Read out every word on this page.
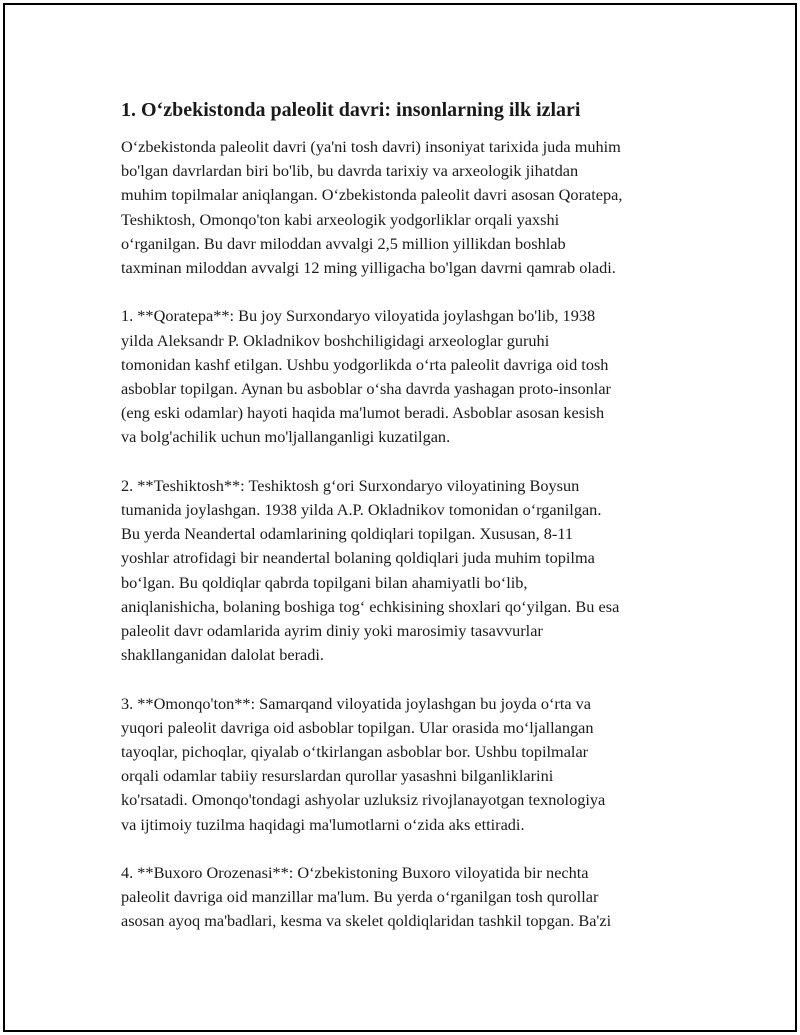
1. O‘zbekistonda paleolit davri: insonlarning ilk izlari

O‘zbekistonda paleolit davri (ya'ni tosh davri) insoniyat tarixida juda muhim
bo'lgan davrlardan biri bo'lib, bu davrda tarixiy va arxeologik jihatdan
muhim topilmalar aniqlangan. O‘zbekistonda paleolit davri asosan Qoratepa,
Teshiktosh, Omonqo'ton kabi arxeologik yodgorliklar orqali yaxshi
o‘rganilgan. Bu davr miloddan avvalgi 2,5 million yillikdan boshlab
taxminan miloddan avvalgi 12 ming yilligacha bo'lgan davrni qamrab oladi.

1. **Qoratepa**: Bu joy Surxondaryo viloyatida joylashgan bo'lib, 1938
yilda Aleksandr P. Okladnikov boshchiligidagi arxeologlar guruhi
tomonidan kashf etilgan. Ushbu yodgorlikda o‘rta paleolit davriga oid tosh
asboblar topilgan. Aynan bu asboblar o‘sha davrda yashagan proto-insonlar
(eng eski odamlar) hayoti haqida ma'lumot beradi. Asboblar asosan kesish
va bolg'achilik uchun mo'ljallanganligi kuzatilgan.

2. **Teshiktosh**: Teshiktosh g‘ori Surxondaryo viloyatining Boysun
tumanida joylashgan. 1938 yilda A.P. Okladnikov tomonidan o‘rganilgan.
Bu yerda Neandertal odamlarining qoldiqlari topilgan. Xususan, 8-11
yoshlar atrofidagi bir neandertal bolaning qoldiqlari juda muhim topilma
bo‘lgan. Bu qoldiqlar qabrda topilgani bilan ahamiyatli bo‘lib,
aniqlanishicha, bolaning boshiga tog‘ echkisining shoxlari qo‘yilgan. Bu esa
paleolit davr odamlarida ayrim diniy yoki marosimiy tasavvurlar
shakllanganidan dalolat beradi.

3. **Omonqo'ton**: Samarqand viloyatida joylashgan bu joyda o‘rta va
yuqori paleolit davriga oid asboblar topilgan. Ular orasida mo‘ljallangan
tayoqlar, pichoqlar, qiyalab o‘tkirlangan asboblar bor. Ushbu topilmalar
orqali odamlar tabiiy resurslardan qurollar yasashni bilganliklarini
ko'rsatadi. Omonqo'tondagi ashyolar uzluksiz rivojlanayotgan texnologiya
va ijtimoiy tuzilma haqidagi ma'lumotlarni o‘zida aks ettiradi.

4. **Buxoro Orozenasi**: O‘zbekistoning Buxoro viloyatida bir nechta
paleolit davriga oid manzillar ma'lum. Bu yerda o‘rganilgan tosh qurollar
asosan ayoq ma'badlari, kesma va skelet qoldiqlaridan tashkil topgan. Ba'zi
